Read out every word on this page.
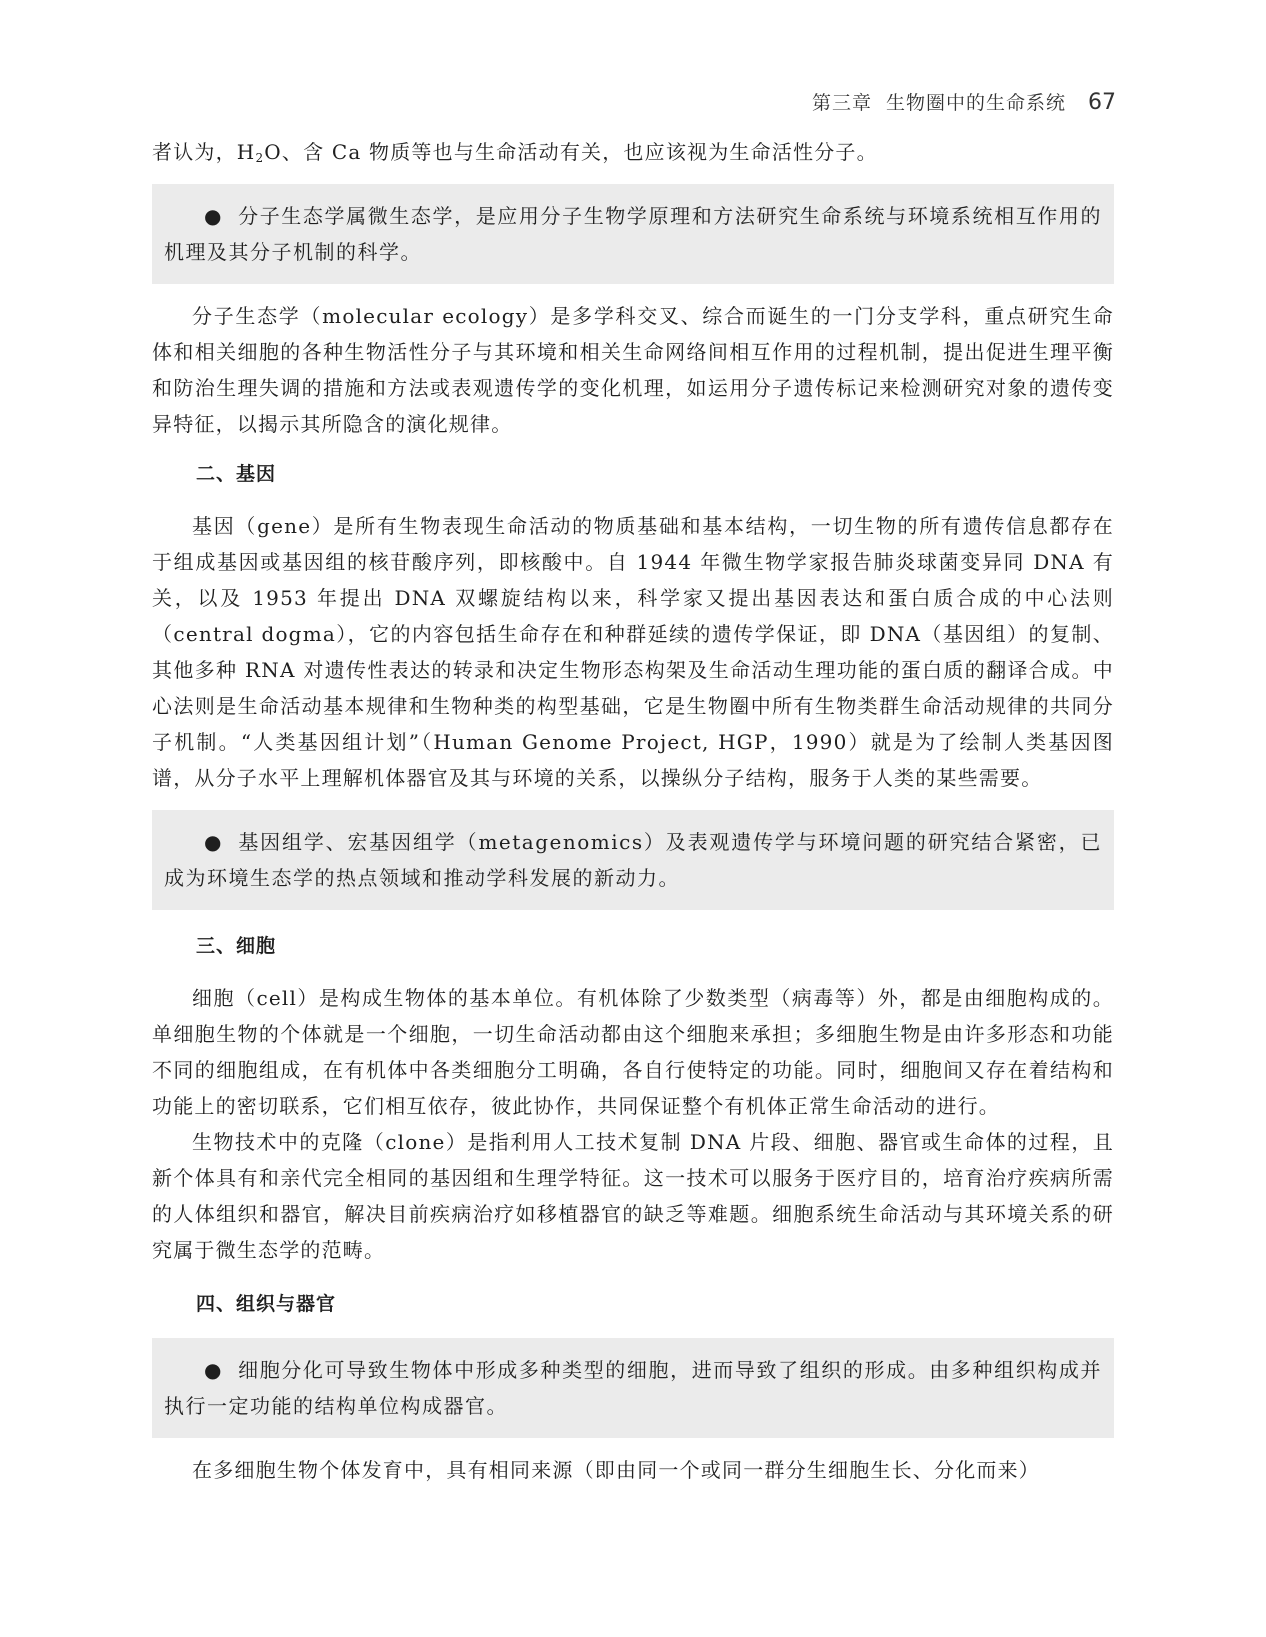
第三章 生物圈中的生命系统 67

者认为，$H_2O$、含 Ca 物质等也与生命活动有关，也应该视为生命活性分子。

● 分子生态学属微生态学，是应用分子生物学原理和方法研究生命系统与环境系统相互作用的机理及其分子机制的科学。

分子生态学（molecular ecology）是多学科交叉、综合而诞生的一门分支学科，重点研究生命体和相关细胞的各种生物活性分子与其环境和相关生命网络间相互作用的过程机制，提出促进生理平衡和防治生理失调的措施和方法或表观遗传学的变化机理，如运用分子遗传标记来检测研究对象的遗传变异特征，以揭示其所隐含的演化规律。

二、基因

基因（gene）是所有生物表现生命活动的物质基础和基本结构，一切生物的所有遗传信息都存在于组成基因或基因组的核苷酸序列，即核酸中。自 1944 年微生物学家报告肺炎球菌变异同 DNA 有关，以及 1953 年提出 DNA 双螺旋结构以来，科学家又提出基因表达和蛋白质合成的中心法则（central dogma），它的内容包括生命存在和种群延续的遗传学保证，即 DNA（基因组）的复制、其他多种 RNA 对遗传性表达的转录和决定生物形态构架及生命活动生理功能的蛋白质的翻译合成。中心法则是生命活动基本规律和生物种类的构型基础，它是生物圈中所有生物类群生命活动规律的共同分子机制。“人类基因组计划”（Human Genome Project, HGP，1990）就是为了绘制人类基因图谱，从分子水平上理解机体器官及其与环境的关系，以操纵分子结构，服务于人类的某些需要。

● 基因组学、宏基因组学（metagenomics）及表观遗传学与环境问题的研究结合紧密，已成为环境生态学的热点领域和推动学科发展的新动力。

三、细胞

细胞（cell）是构成生物体的基本单位。有机体除了少数类型（病毒等）外，都是由细胞构成的。单细胞生物的个体就是一个细胞，一切生命活动都由这个细胞来承担；多细胞生物是由许多形态和功能不同的细胞组成，在有机体中各类细胞分工明确，各自行使特定的功能。同时，细胞间又存在着结构和功能上的密切联系，它们相互依存，彼此协作，共同保证整个有机体正常生命活动的进行。

生物技术中的克隆（clone）是指利用人工技术复制 DNA 片段、细胞、器官或生命体的过程，且新个体具有和亲代完全相同的基因组和生理学特征。这一技术可以服务于医疗目的，培育治疗疾病所需的人体组织和器官，解决目前疾病治疗如移植器官的缺乏等难题。细胞系统生命活动与其环境关系的研究属于微生态学的范畴。

四、组织与器官

● 细胞分化可导致生物体中形成多种类型的细胞，进而导致了组织的形成。由多种组织构成并执行一定功能的结构单位构成器官。

在多细胞生物个体发育中，具有相同来源（即由同一个或同一群分生细胞生长、分化而来）
